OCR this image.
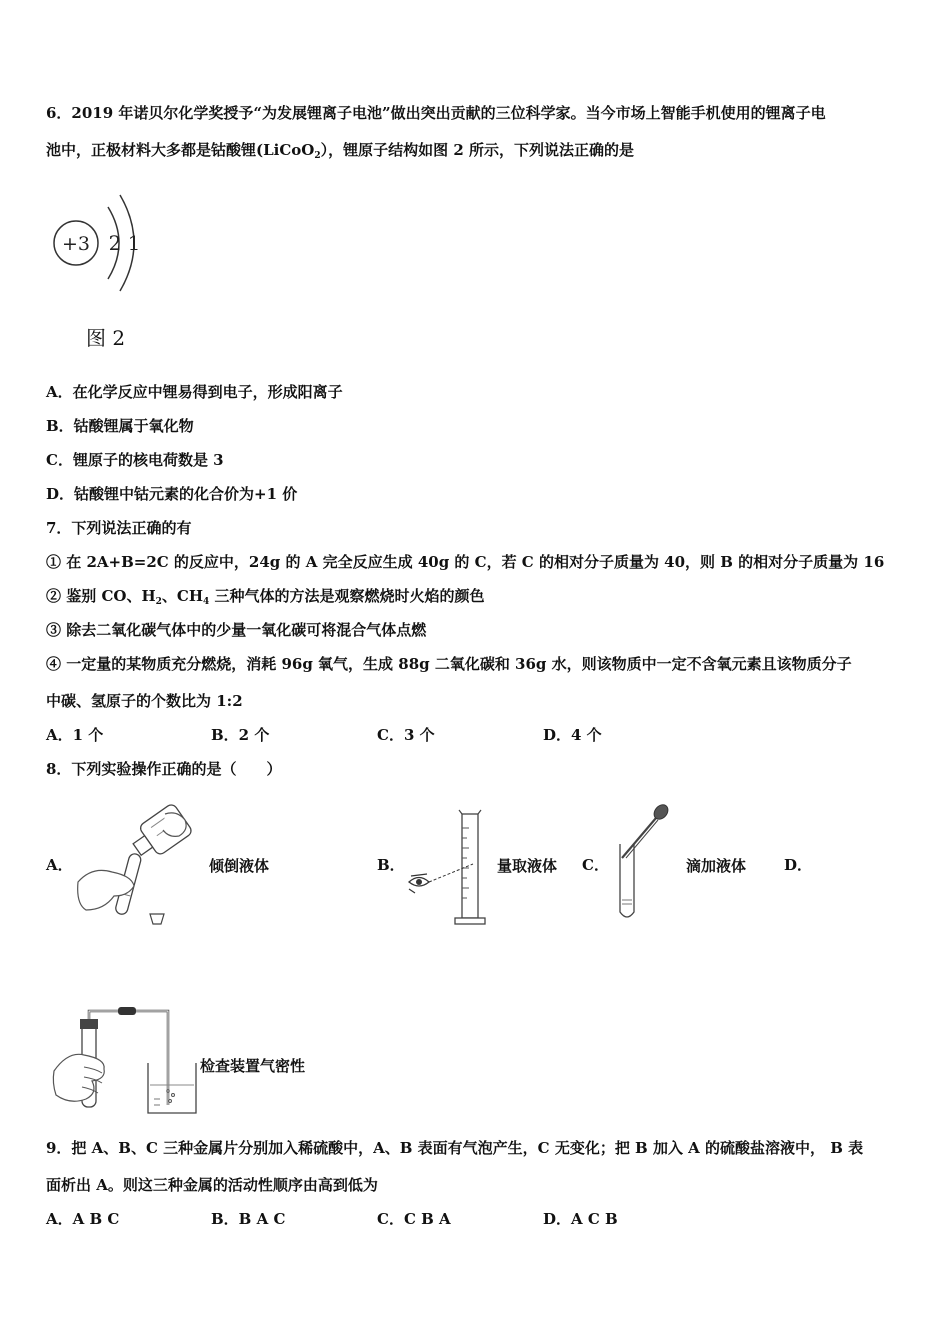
6．2019 年诺贝尔化学奖授予“为发展锂离子电池”做出突出贡献的三位科学家。当今市场上智能手机使用的锂离子电
池中，正极材料大多都是钴酸锂(LiCoO$_2$），锂原子结构如图 2 所示，下列说法正确的是
+3 2 1
图 2
A．在化学反应中锂易得到电子，形成阳离子
B．钴酸锂属于氧化物
C．锂原子的核电荷数是 3
D．钴酸锂中钴元素的化合价为+1 价
7．下列说法正确的有
① 在 2A+B=2C 的反应中，24g 的 A 完全反应生成 40g 的 C，若 C 的相对分子质量为 40，则 B 的相对分子质量为 16
② 鉴别 CO、$H_2$、$CH_4$ 三种气体的方法是观察燃烧时火焰的颜色
③ 除去二氧化碳气体中的少量一氧化碳可将混合气体点燃
④ 一定量的某物质充分燃烧，消耗 96g 氧气，生成 88g 二氧化碳和 36g 水，则该物质中一定不含氧元素且该物质分子
中碳、氢原子的个数比为 1:2
A．1 个	B．2 个	C．3 个	D．4 个
8．下列实验操作正确的是（　　）
A．	倾倒液体	B．	量取液体 C．	滴加液体	D．
检查装置气密性
9．把 A、B、C 三种金属片分别加入稀硫酸中，A、B 表面有气泡产生，C 无变化；把 B 加入 A 的硫酸盐溶液中， B 表
面析出 A。则这三种金属的活动性顺序由高到低为
A．A B C	B．B A C	C．C B A	D．A C B
